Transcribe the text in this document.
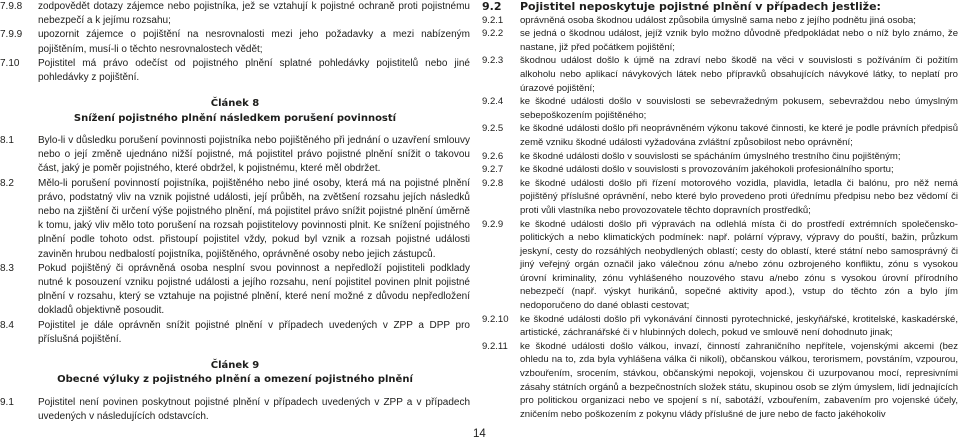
7.9.8 zodpovědět dotazy zájemce nebo pojistníka, jež se vztahují k pojistné ochraně proti pojistnému nebezpečí a k jejímu rozsahu;
7.9.9 upozornit zájemce o pojištění na nesrovnalosti mezi jeho požadavky a mezi nabízeným pojištěním, musí-li o těchto nesrovnalostech vědět;
7.10 Pojistitel má právo odečíst od pojistného plnění splatné pohledávky pojistitelů nebo jiné pohledávky z pojištění.
Článek 8
Snížení pojistného plnění následkem porušení povinností
8.1 Bylo-li v důsledku porušení povinnosti pojistníka nebo pojištěného při jednání o uzavření smlouvy nebo o její změně ujednáno nižší pojistné, má pojistitel právo pojistné plnění snížit o takovou část, jaký je poměr pojistného, které obdržel, k pojistnému, které měl obdržet.
8.2 Mělo-li porušení povinností pojistníka, pojištěného nebo jiné osoby, která má na pojistné plnění právo, podstatný vliv na vznik pojistné události, její průběh, na zvětšení rozsahu jejích následků nebo na zjištění či určení výše pojistného plnění, má pojistitel právo snížit pojistné plnění úměrně k tomu, jaký vliv mělo toto porušení na rozsah pojistitelovy povinnosti plnit. Ke snížení pojistného plnění podle tohoto odst. přistoupí pojistitel vždy, pokud byl vznik a rozsah pojistné události zaviněn hrubou nedbalostí pojistníka, pojištěného, oprávněné osoby nebo jejich zástupců.
8.3 Pokud pojištěný či oprávněná osoba nesplní svou povinnost a nepředloží pojistiteli podklady nutné k posouzení vzniku pojistné události a jejího rozsahu, není pojistitel povinen plnit pojistné plnění v rozsahu, který se vztahuje na pojistné plnění, které není možné z důvodu nepředložení dokladů objektivně posoudit.
8.4 Pojistitel je dále oprávněn snížit pojistné plnění v případech uvedených v ZPP a DPP pro příslušná pojištění.
Článek 9
Obecné výluky z pojistného plnění a omezení pojistného plnění
9.1 Pojistitel není povinen poskytnout pojistné plnění v případech uvedených v ZPP a v případech uvedených v následujících odstavcích.
9.2 Pojistitel neposkytuje pojistné plnění v případech jestliže:
9.2.1 oprávněná osoba škodnou událost způsobila úmyslně sama nebo z jejího podnětu jiná osoba;
9.2.2 se jedná o škodnou událost, jejíž vznik bylo možno důvodně předpokládat nebo o níž bylo známo, že nastane, již před počátkem pojištění;
9.2.3 škodnou událost došlo k újmě na zdraví nebo škodě na věci v souvislosti s požíváním či požitím alkoholu nebo aplikací návykových látek nebo přípravků obsahujících návykové látky, to neplatí pro úrazové pojištění;
9.2.4 ke škodné události došlo v souvislosti se sebevražedným pokusem, sebevraždou nebo úmyslným sebepoškozením pojištěného;
9.2.5 ke škodné události došlo při neoprávněném výkonu takové činnosti, ke které je podle právních předpisů země vzniku škodné události vyžadována zvláštní způsobilost nebo oprávnění;
9.2.6 ke škodné události došlo v souvislosti se spácháním úmyslného trestního činu pojištěným;
9.2.7 ke škodné události došlo v souvislosti s provozováním jakéhokoli profesionálního sportu;
9.2.8 ke škodné události došlo při řízení motorového vozidla, plavidla, letadla či balónu, pro něž nemá pojištěný příslušné oprávnění, nebo které bylo provedeno proti úřednímu předpisu nebo bez vědomí či proti vůli vlastníka nebo provozovatele těchto dopravních prostředků;
9.2.9 ke škodné události došlo při výpravách na odlehlá místa či do prostředí extrémních společensko-politických a nebo klimatických podmínek: např. polární výpravy, výpravy do pouští, bažin, průzkum jeskyní, cesty do rozsáhlých neobydlených oblastí; cesty do oblastí, které státní nebo samosprávný či jiný veřejný orgán označil jako válečnou zónu a/nebo zónu ozbrojeného konfliktu, zónu s vysokou úrovní kriminality, zónu vyhlášeného nouzového stavu a/nebo zónu s vysokou úrovní přírodního nebezpečí (např. výskyt hurikánů, sopečné aktivity apod.), vstup do těchto zón a bylo jím nedoporučeno do dané oblasti cestovat;
9.2.10 ke škodné události došlo při vykonávání činnosti pyrotechnické, jeskyňářské, krotitelské, kaskadérské, artistické, záchranářské či v hlubinných dolech, pokud ve smlouvě není dohodnuto jinak;
9.2.11 ke škodné události došlo válkou, invazí, činností zahraničního nepřítele, vojenskými akcemi (bez ohledu na to, zda byla vyhlášena válka či nikoli), občanskou válkou, terorismem, povstáním, vzpourou, vzbouřením, srocením, stávkou, občanskými nepokoji, vojenskou či uzurpovanou mocí, represivními zásahy státních orgánů a bezpečnostních složek státu, skupinou osob se zlým úmyslem, lidí jednajících pro politickou organizaci nebo ve spojení s ní, sabotáží, vzbouřením, zabavením pro vojenské účely, zničením nebo poškozením z pokynu vlády příslušné de jure nebo de facto jakéhokoliv
14
